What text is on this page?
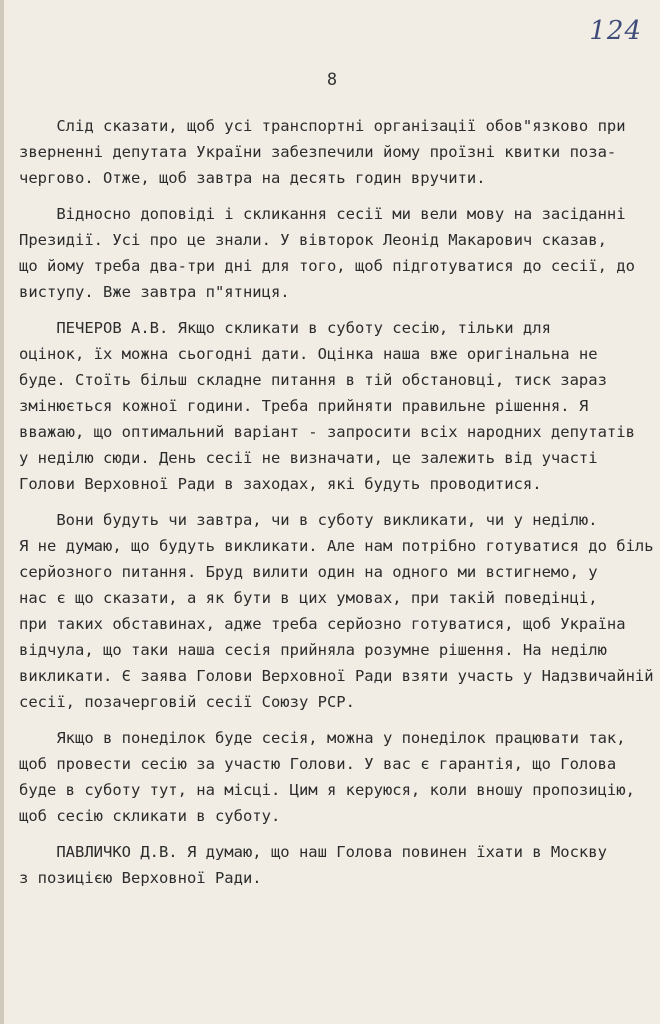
124
8
Слід сказати, щоб усі транспортні організації обов"язково при
зверненні депутата України забезпечили йому проїзні квитки поза-
чергово. Отже, щоб завтра на десять годин вручити.
Відносно доповіді і скликання сесії ми вели мову на засіданні
Президії. Усі про це знали. У вівторок Леонід Макарович сказав,
що йому треба два-три дні для того, щоб підготуватися до сесії, до
виступу. Вже завтра п"ятниця.
ПЕЧЕРОВ А.В. Якщо скликати в суботу сесію, тільки для
оцінок, їх можна сьогодні дати. Оцінка наша вже оригінальна не
буде. Стоїть більш складне питання в тій обстановці, тиск зараз
змінюється кожної години. Треба прийняти правильне рішення. Я
вважаю, що оптимальний варіант - запросити всіх народних депутатів
у неділю сюди. День сесії не визначати, це залежить від участі
Голови Верховної Ради в заходах, які будуть проводитися.
Вони будуть чи завтра, чи в суботу викликати, чи у неділю.
Я не думаю, що будуть викликати. Але нам потрібно готуватися до біль
серйозного питання. Бруд вилити один на одного ми встигнемо, у
нас є що сказати, а як бути в цих умовах, при такій поведінці,
при таких обставинах, адже треба серйозно готуватися, щоб Україна
відчула, що таки наша сесія прийняла розумне рішення. На неділю
викликати. Є заява Голови Верховної Ради взяти участь у Надзвичайній
сесії, позачерговій сесії Союзу РСР.
Якщо в понеділок буде сесія, можна у понеділок працювати так,
щоб провести сесію за участю Голови. У вас є гарантія, що Голова
буде в суботу тут, на місці. Цим я керуюся, коли вношу пропозицію,
щоб сесію скликати в суботу.
ПАВЛИЧКО Д.В. Я думаю, що наш Голова повинен їхати в Москву
з позицією Верховної Ради.
